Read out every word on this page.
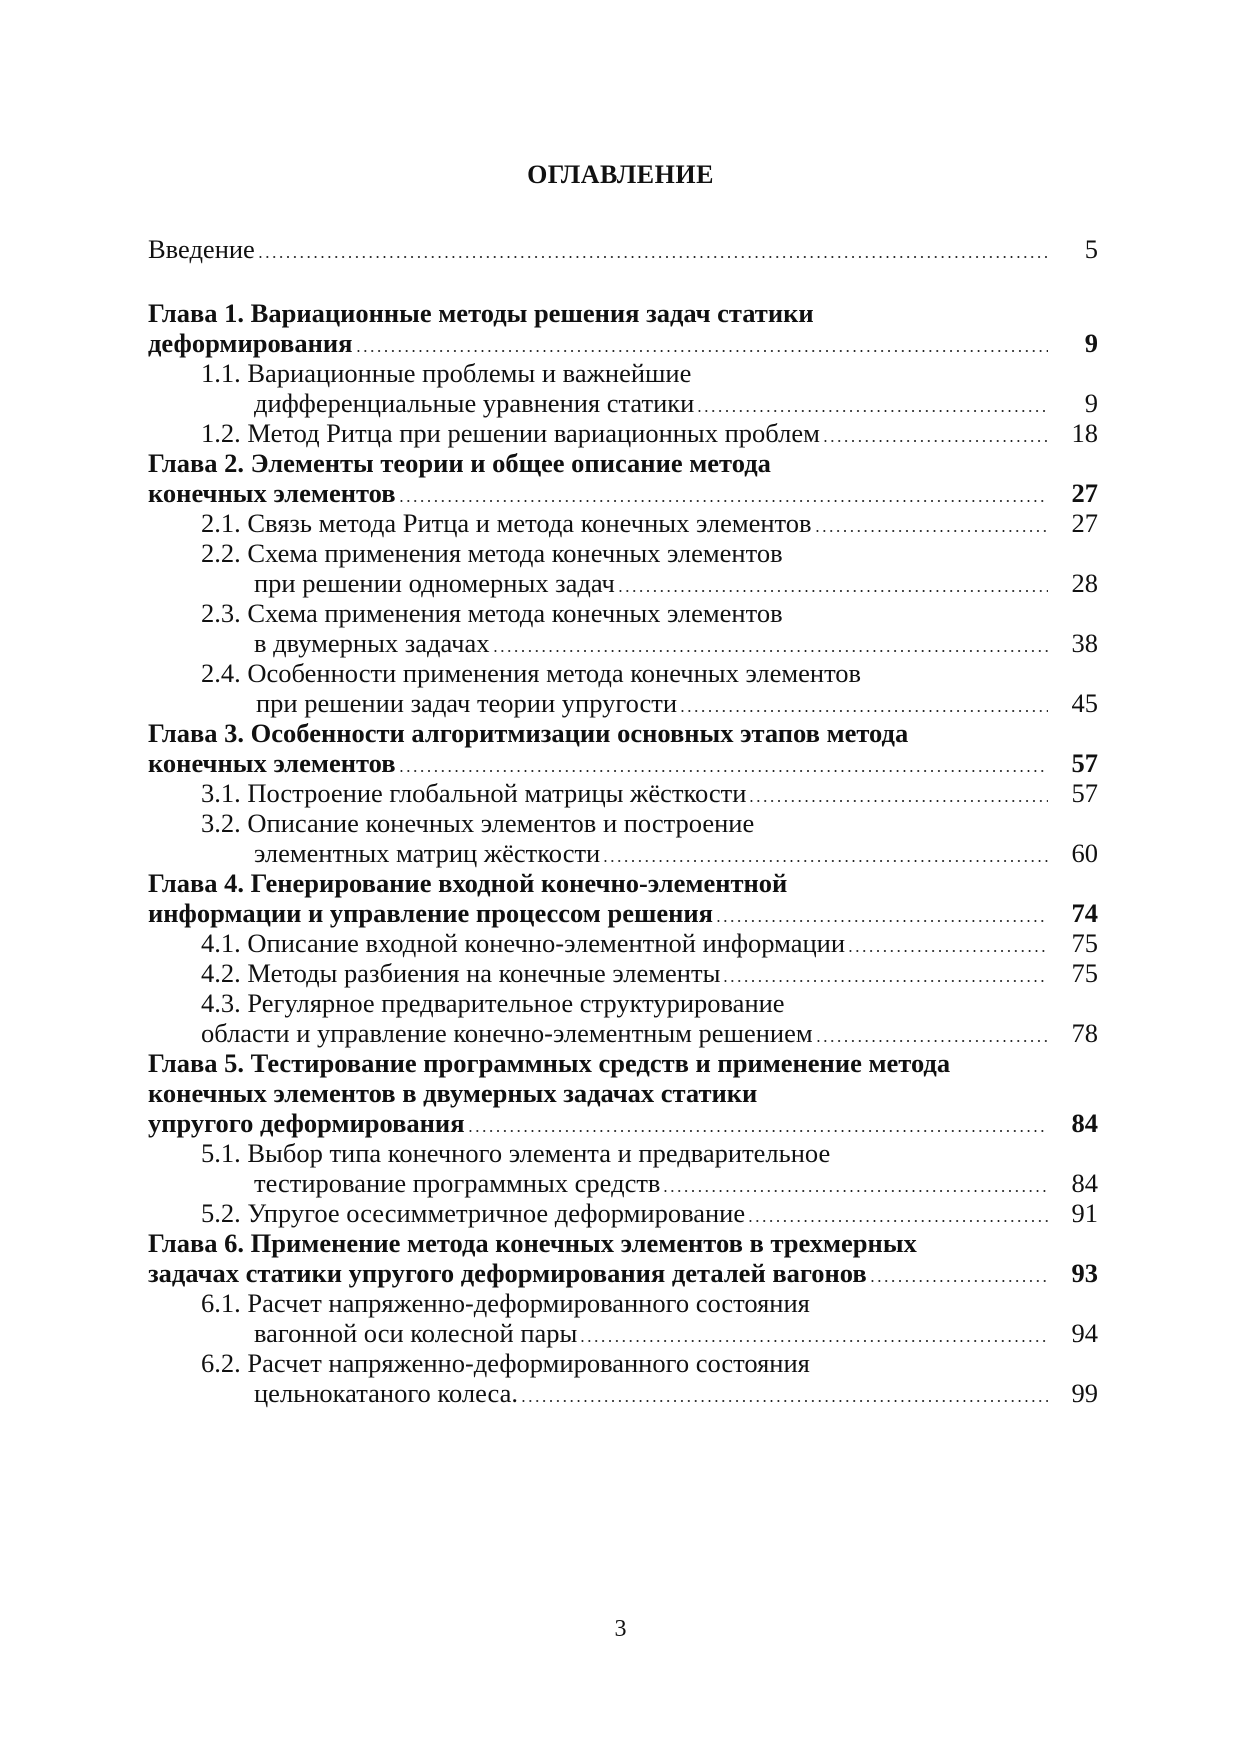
ОГЛАВЛЕНИЕ
Введение	5
Глава 1. Вариационные методы решения задач статики
деформирования	9
1.1. Вариационные проблемы и важнейшие
дифференциальные уравнения статики	9
1.2. Метод Ритца при решении вариационных проблем	18
Глава 2. Элементы теории и общее описание метода
конечных элементов	27
2.1. Связь метода Ритца и метода конечных элементов	27
2.2. Схема применения метода конечных элементов
при решении одномерных задач	28
2.3. Схема применения метода конечных элементов
в двумерных задачах	38
2.4. Особенности применения метода конечных элементов
при решении задач теории упругости	45
Глава 3. Особенности алгоритмизации основных этапов метода
конечных элементов	57
3.1. Построение глобальной матрицы жёсткости	57
3.2. Описание конечных элементов и построение
элементных матриц жёсткости	60
Глава 4. Генерирование входной конечно-элементной
информации и управление процессом решения	74
4.1. Описание входной конечно-элементной информации	75
4.2. Методы разбиения на конечные элементы	75
4.3. Регулярное предварительное структурирование
области и управление конечно-элементным решением	78
Глава 5. Тестирование программных средств и применение метода
конечных элементов в двумерных задачах статики
упругого деформирования	84
5.1. Выбор типа конечного элемента и предварительное
тестирование программных средств	84
5.2. Упругое осесимметричное деформирование	91
Глава 6. Применение метода конечных элементов в трехмерных
задачах статики упругого деформирования деталей вагонов	93
6.1. Расчет напряженно-деформированного состояния
вагонной оси колесной пары	94
6.2. Расчет напряженно-деформированного состояния
цельнокатаного колеса.	99
3
